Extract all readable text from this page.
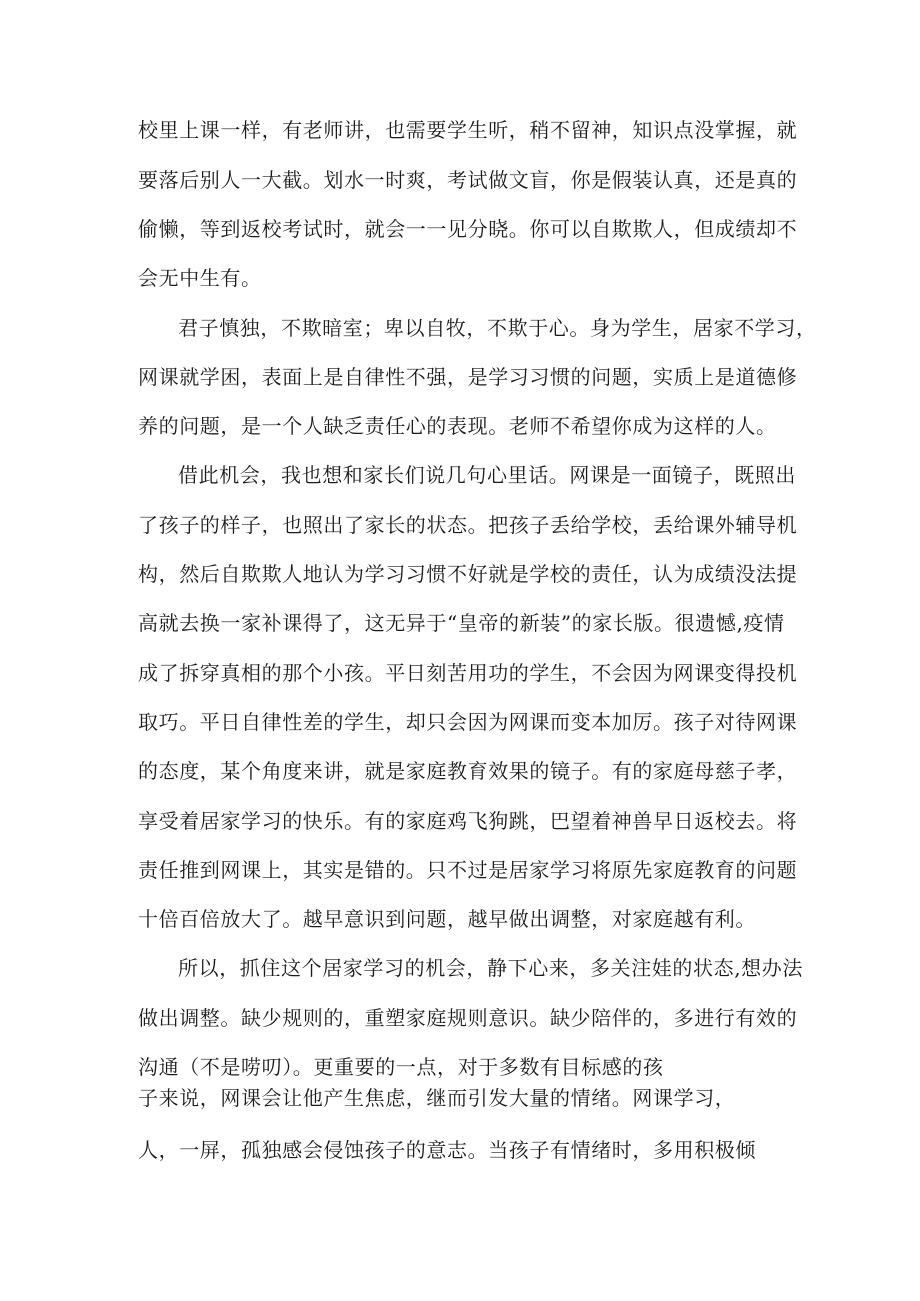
校里上课一样，有老师讲，也需要学生听，稍不留神，知识点没掌握，就
要落后别人一大截。划水一时爽，考试做文盲，你是假装认真，还是真的
偷懒，等到返校考试时，就会一一见分晓。你可以自欺欺人，但成绩却不
会无中生有。
君子慎独，不欺暗室；卑以自牧，不欺于心。身为学生，居家不学习，
网课就学困，表面上是自律性不强，是学习习惯的问题，实质上是道德修
养的问题，是一个人缺乏责任心的表现。老师不希望你成为这样的人。
借此机会，我也想和家长们说几句心里话。网课是一面镜子，既照出
了孩子的样子，也照出了家长的状态。把孩子丢给学校，丢给课外辅导机
构，然后自欺欺人地认为学习习惯不好就是学校的责任，认为成绩没法提
高就去换一家补课得了，这无异于“皇帝的新装”的家长版。很遗憾,疫情
成了拆穿真相的那个小孩。平日刻苦用功的学生，不会因为网课变得投机
取巧。平日自律性差的学生，却只会因为网课而变本加厉。孩子对待网课
的态度，某个角度来讲，就是家庭教育效果的镜子。有的家庭母慈子孝，
享受着居家学习的快乐。有的家庭鸡飞狗跳，巴望着神兽早日返校去。将
责任推到网课上，其实是错的。只不过是居家学习将原先家庭教育的问题
十倍百倍放大了。越早意识到问题，越早做出调整，对家庭越有利。
所以，抓住这个居家学习的机会，静下心来，多关注娃的状态,想办法
做出调整。缺少规则的，重塑家庭规则意识。缺少陪伴的，多进行有效的
沟通（不是唠叨）。更重要的一点，对于多数有目标感的孩
子来说，网课会让他产生焦虑，继而引发大量的情绪。网课学习，
人，一屏，孤独感会侵蚀孩子的意志。当孩子有情绪时，多用积极倾
